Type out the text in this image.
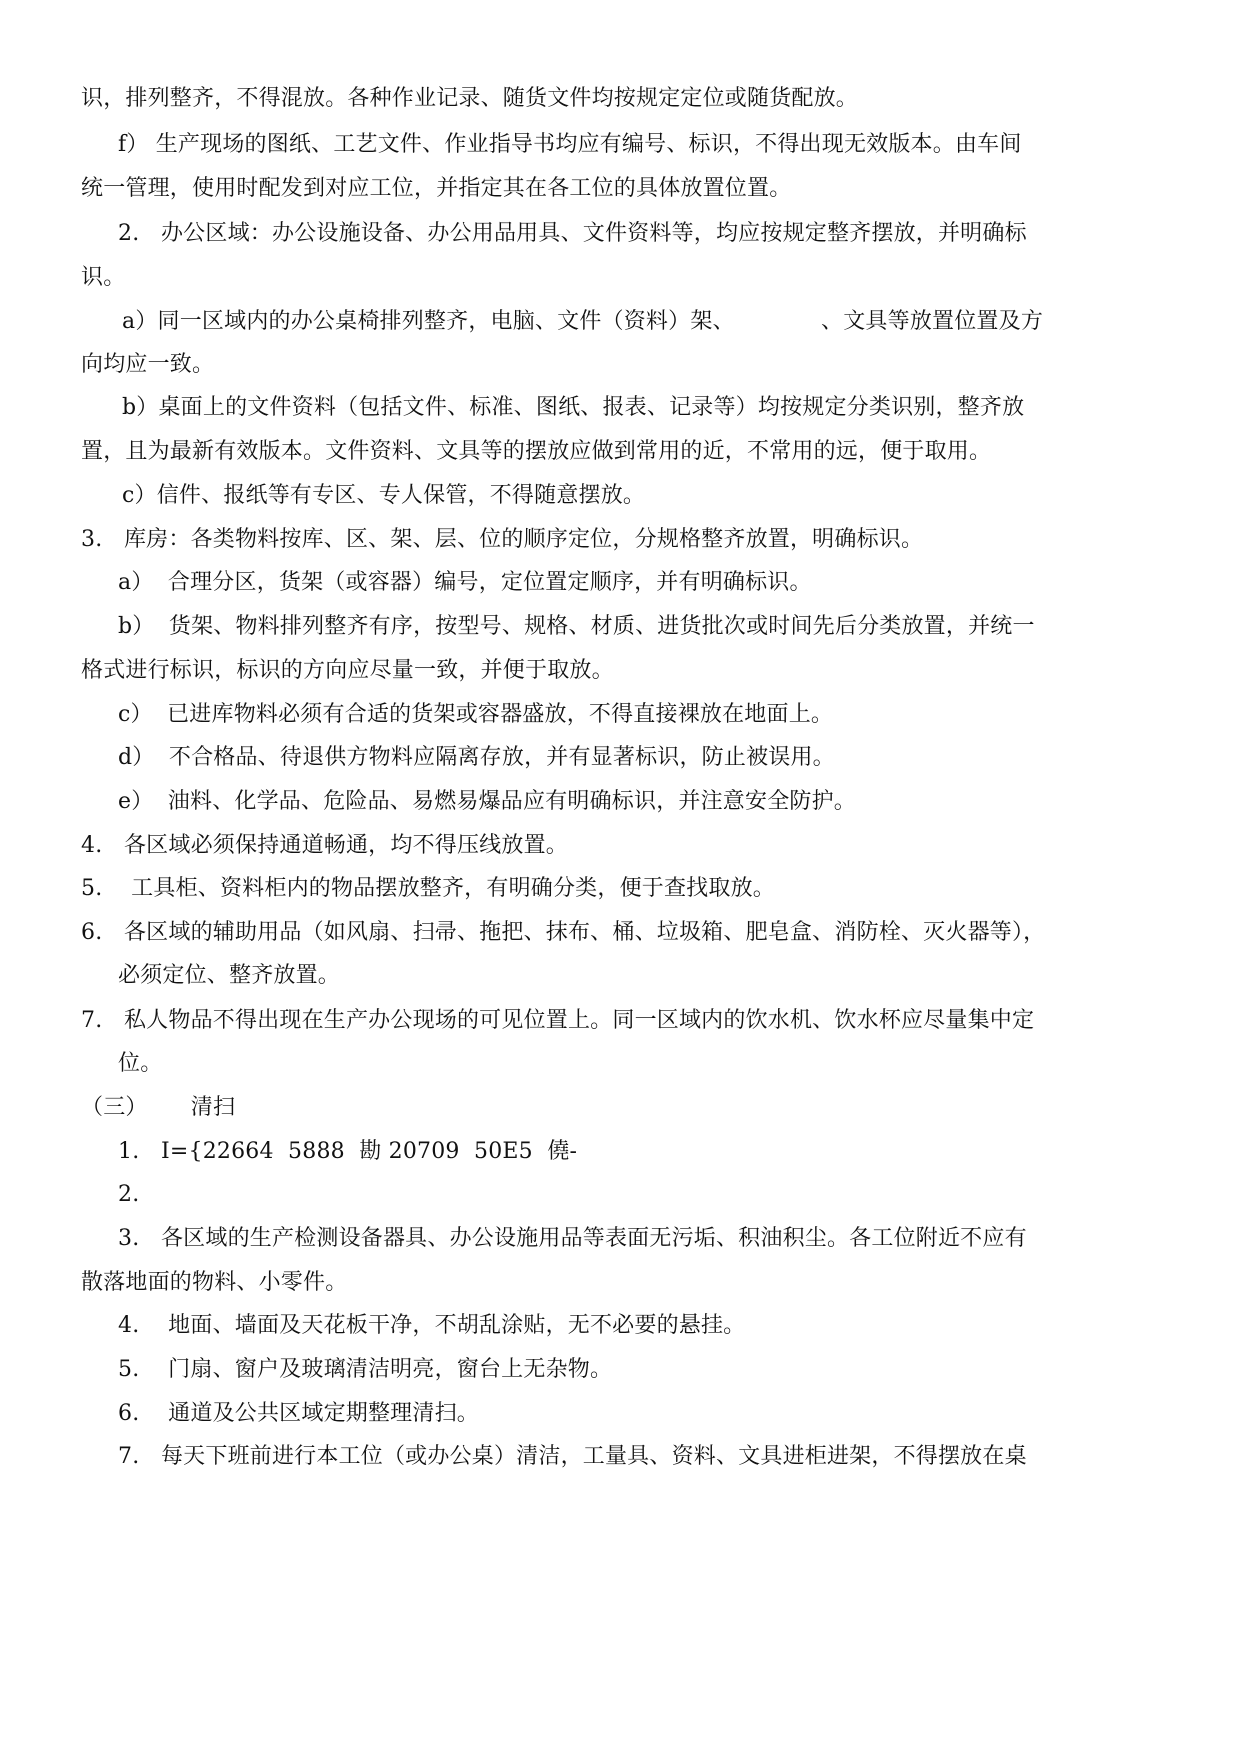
识，排列整齐，不得混放。各种作业记录、随货文件均按规定定位或随货配放。
f） 生产现场的图纸、工艺文件、作业指导书均应有编号、标识，不得出现无效版本。由车间
统一管理，使用时配发到对应工位，并指定其在各工位的具体放置位置。
2.   办公区域：办公设施设备、办公用品用具、文件资料等，均应按规定整齐摆放，并明确标
识。
a）同一区域内的办公桌椅排列整齐，电脑、文件（资料）架、            、文具等放置位置及方
向均应一致。
b）桌面上的文件资料（包括文件、标准、图纸、报表、记录等）均按规定分类识别，整齐放
置，且为最新有效版本。文件资料、文具等的摆放应做到常用的近，不常用的远，便于取用。
c）信件、报纸等有专区、专人保管，不得随意摆放。
3.   库房：各类物料按库、区、架、层、位的顺序定位，分规格整齐放置，明确标识。
a）  合理分区，货架（或容器）编号，定位置定顺序，并有明确标识。
b）  货架、物料排列整齐有序，按型号、规格、材质、进货批次或时间先后分类放置，并统一
格式进行标识，标识的方向应尽量一致，并便于取放。
c）  已进库物料必须有合适的货架或容器盛放，不得直接裸放在地面上。
d）  不合格品、待退供方物料应隔离存放，并有显著标识，防止被误用。
e）  油料、化学品、危险品、易燃易爆品应有明确标识，并注意安全防护。
4.   各区域必须保持通道畅通，均不得压线放置。
5.    工具柜、资料柜内的物品摆放整齐，有明确分类，便于查找取放。
6.   各区域的辅助用品（如风扇、扫帚、拖把、抹布、桶、垃圾箱、肥皂盒、消防栓、灭火器等），
必须定位、整齐放置。
7.   私人物品不得出现在生产办公现场的可见位置上。同一区域内的饮水机、饮水杯应尽量集中定
位。
（三）      清扫
1.   I={22664  5888  勘 20709  50E5  僥-
2.
3.   各区域的生产检测设备器具、办公设施用品等表面无污垢、积油积尘。各工位附近不应有
散落地面的物料、小零件。
4.    地面、墙面及天花板干净，不胡乱涂贴，无不必要的悬挂。
5.    门扇、窗户及玻璃清洁明亮，窗台上无杂物。
6.    通道及公共区域定期整理清扫。
7.   每天下班前进行本工位（或办公桌）清洁，工量具、资料、文具进柜进架，不得摆放在桌
